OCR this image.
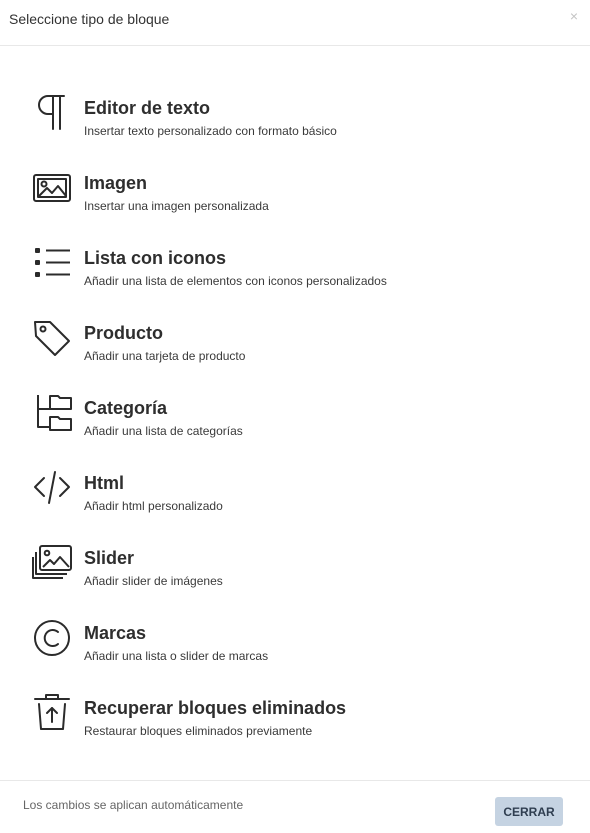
Seleccione tipo de bloque	×
Editor de texto
Insertar texto personalizado con formato básico
Imagen
Insertar una imagen personalizada
Lista con iconos
Añadir una lista de elementos con iconos personalizados
Producto
Añadir una tarjeta de producto
Categoría
Añadir una lista de categorías
Html
Añadir html personalizado
Slider
Añadir slider de imágenes
Marcas
Añadir una lista o slider de marcas
Recuperar bloques eliminados
Restaurar bloques eliminados previamente
Los cambios se aplican automáticamente	CERRAR
